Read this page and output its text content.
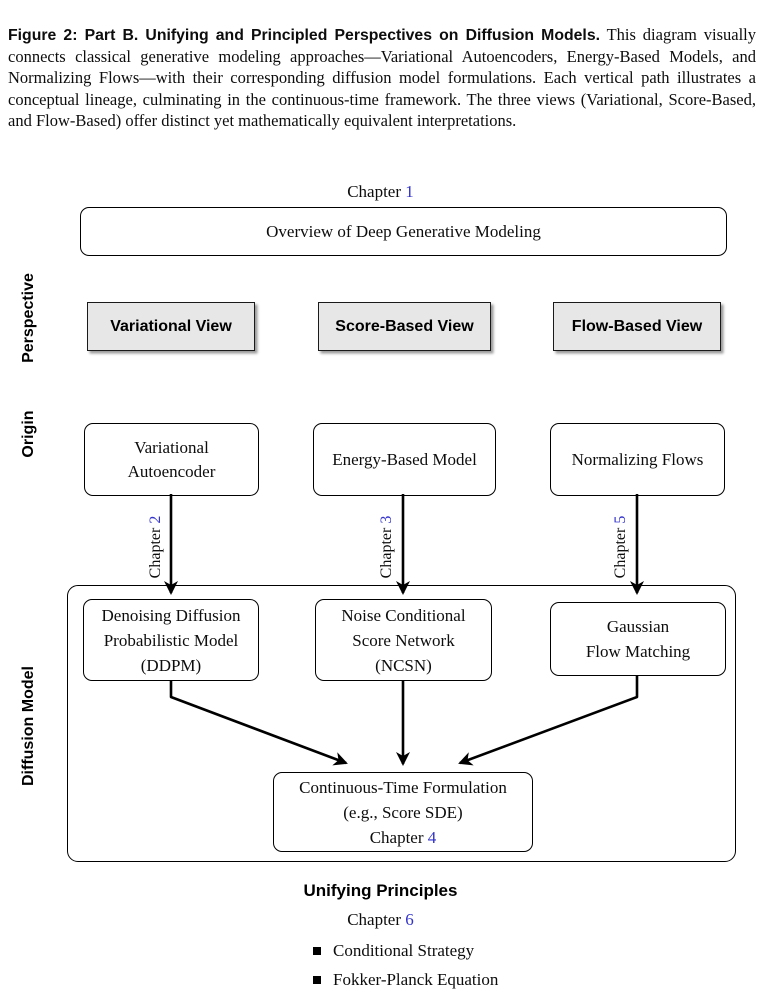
Figure 2: Part B. Unifying and Principled Perspectives on Diffusion Models. This diagram visually connects classical generative modeling approaches—Variational Autoencoders, Energy-Based Models, and Normalizing Flows—with their corresponding diffusion model formulations. Each vertical path illustrates a conceptual lineage, culminating in the continuous-time framework. The three views (Variational, Score-Based, and Flow-Based) offer distinct yet mathematically equivalent interpretations.

Chapter 1
Overview of Deep Generative Modeling
Perspective
Origin
Diffusion Model
Variational View	Score-Based View	Flow-Based View
Variational
Autoencoder
Energy-Based Model	Normalizing Flows
Chapter 2
Chapter 3
Chapter 5
Denoising Diffusion
Probabilistic Model
(DDPM)
Noise Conditional
Score Network
(NCSN)
Gaussian
Flow Matching
Continuous-Time Formulation
(e.g., Score SDE)
Chapter 4
Unifying Principles
Chapter 6
Conditional Strategy
Fokker-Planck Equation
